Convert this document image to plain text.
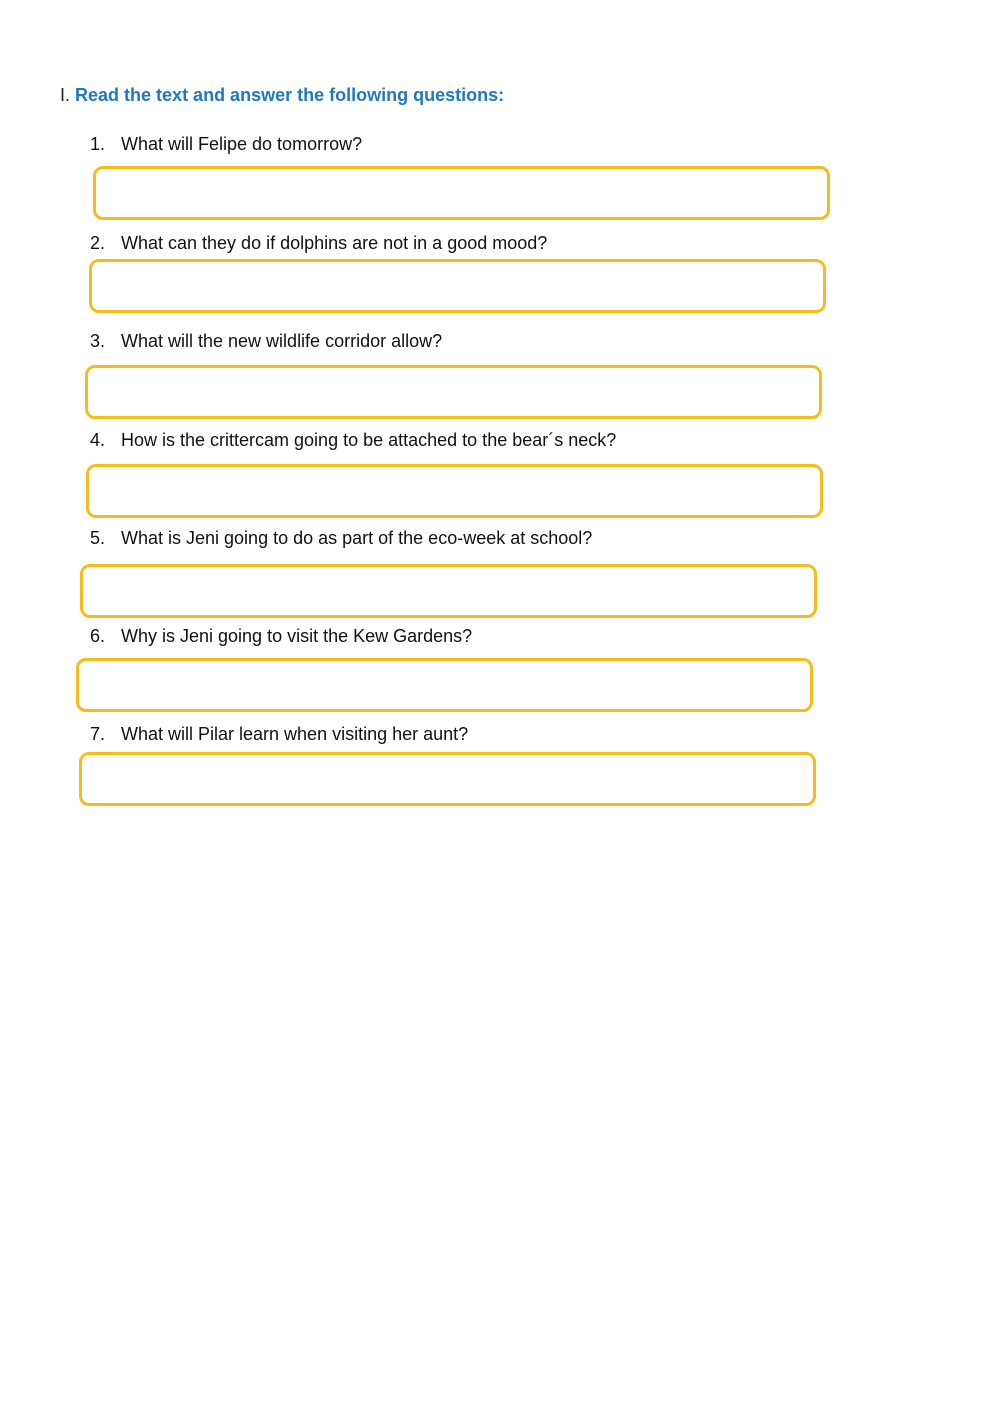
I. Read the text and answer the following questions:
1. What will Felipe do tomorrow?
2. What can they do if dolphins are not in a good mood?
3. What will the new wildlife corridor allow?
4. How is the crittercam going to be attached to the bear´s neck?
5. What is Jeni going to do as part of the eco-week at school?
6. Why is Jeni going to visit the Kew Gardens?
7. What will Pilar learn when visiting her aunt?
